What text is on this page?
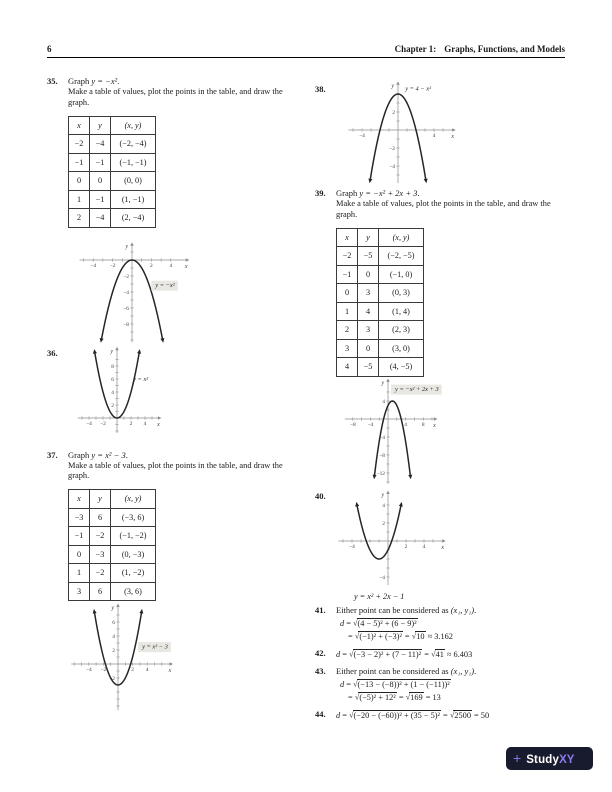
6	Chapter 1: Graphs, Functions, and Models
35. Graph y = −x².
Make a table of values, plot the points in the table, and draw the graph.
x	y	(x, y)
−2	−4	(−2, −4)
−1	−1	(−1, −1)
0	0	(0, 0)
1	−1	(1, −1)
2	−4	(2, −4)
−4	−2	2	4
−2
−4
−6
−8
x
y
y = −x²
36.
−4 −2	2 4
2
4
6
8
x
y
y = x²
37. Graph y = x² − 3.
Make a table of values, plot the points in the table, and draw the graph.
x	y	(x, y)
−3	6	(−3, 6)
−1	−2	(−1, −2)
0	−3	(0, −3)
1	−2	(1, −2)
3	6	(3, 6)
−4 −2	2 4
−2
2
4
6
x
y
y = x² − 3
38.
−4	4
2
−2
−4
x
y y = 4 − x²
39. Graph y = −x² + 2x + 3.
Make a table of values, plot the points in the table, and draw the graph.
x	y	(x, y)
−2	−5	(−2, −5)
−1	0	(−1, 0)
0	3	(0, 3)
1	4	(1, 4)
2	3	(2, 3)
3	0	(3, 0)
4	−5	(4, −5)
−8 −4	4	8
4
−4
−8
−12
x
y
y = −x² + 2x + 3
40.
−4	2	4
2
4
−4
x
y
y = x² + 2x − 1
41. Either point can be considered as (x₁, y₁).
d = √(4 − 5)² + (6 − 9)²
= √(−1)² + (−3)² = √10 ≈ 3.162
42. d = √(−3 − 2)² + (7 − 11)² = √41 ≈ 6.403
43. Either point can be considered as (x₁, y₁).
d = √(−13 − (−8))² + (1 − (−11))²
= √(−5)² + 12² = √169 = 13
44. d = √(−20 − (−60))² + (35 − 5)² = √2500 = 50
+ StudyXY
